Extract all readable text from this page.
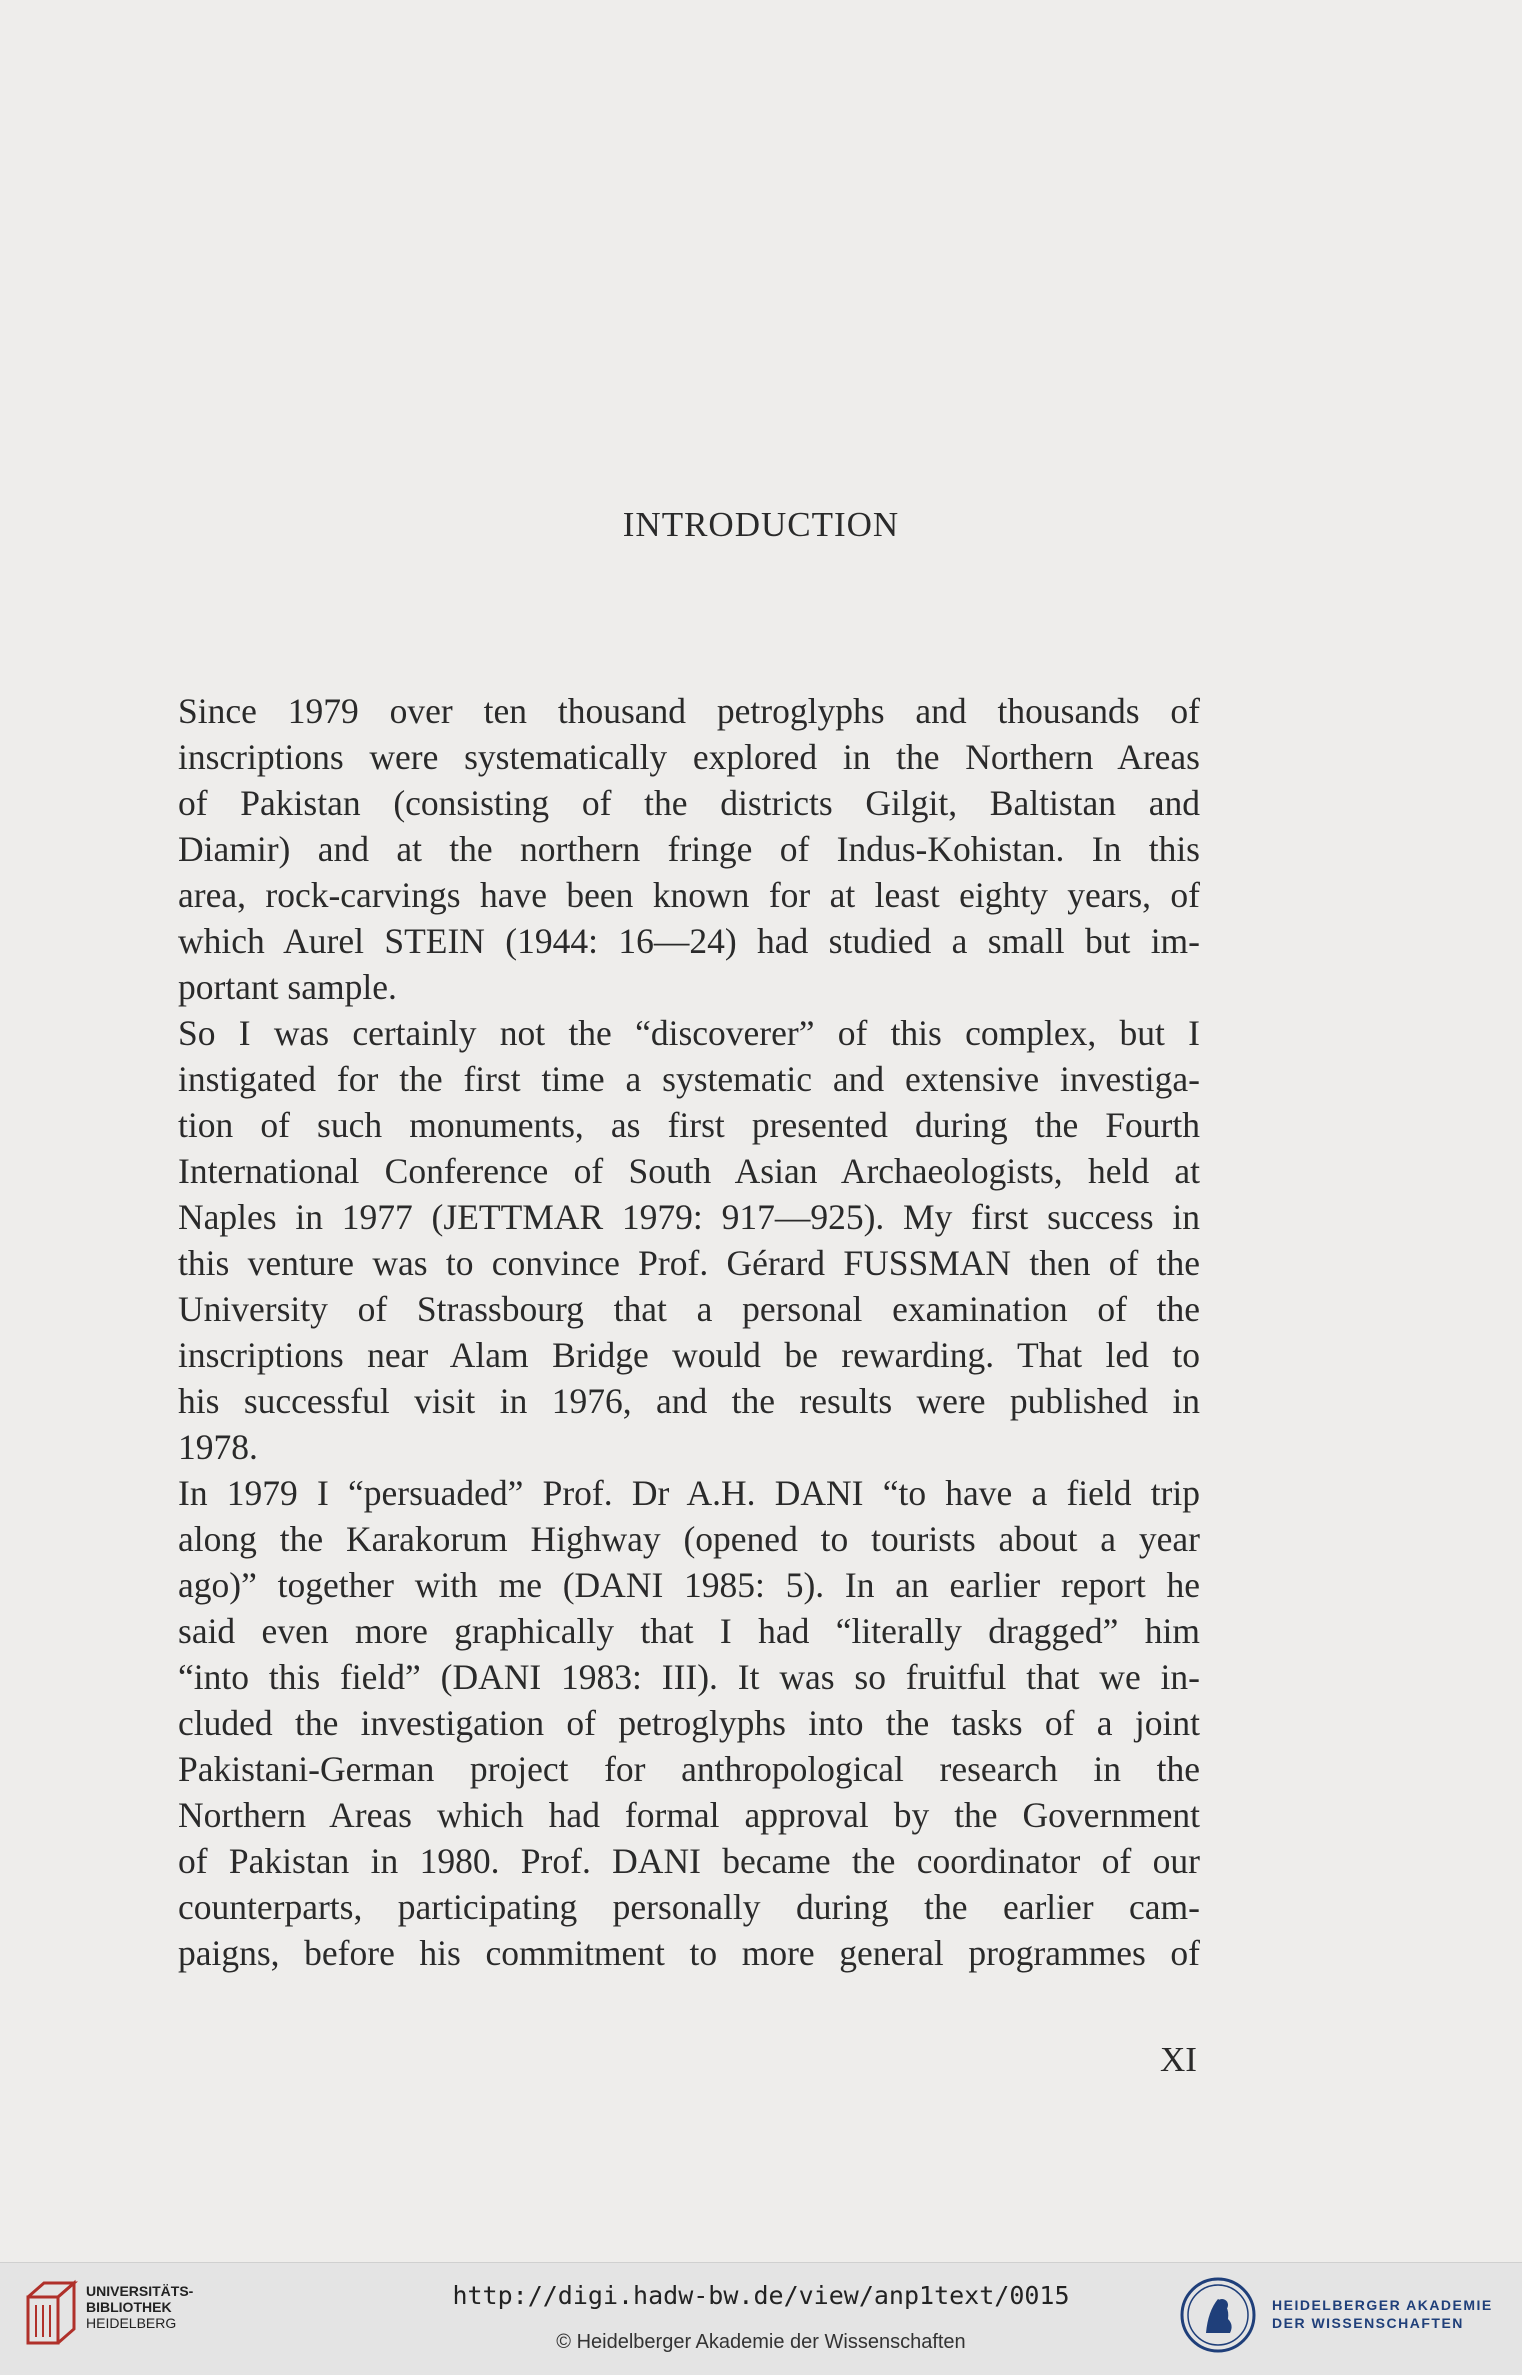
INTRODUCTION
Since 1979 over ten thousand petroglyphs and thousands of
inscriptions were systematically explored in the Northern Areas
of Pakistan (consisting of the districts Gilgit, Baltistan and
Diamir) and at the northern fringe of Indus-Kohistan. In this
area, rock-carvings have been known for at least eighty years, of
which Aurel STEIN (1944: 16—24) had studied a small but im-
portant sample.
So I was certainly not the “discoverer” of this complex, but I
instigated for the first time a systematic and extensive investiga-
tion of such monuments, as first presented during the Fourth
International Conference of South Asian Archaeologists, held at
Naples in 1977 (JETTMAR 1979: 917—925). My first success in
this venture was to convince Prof. Gérard FUSSMAN then of the
University of Strassbourg that a personal examination of the
inscriptions near Alam Bridge would be rewarding. That led to
his successful visit in 1976, and the results were published in
1978.
In 1979 I “persuaded” Prof. Dr A.H. DANI “to have a field trip
along the Karakorum Highway (opened to tourists about a year
ago)” together with me (DANI 1985: 5). In an earlier report he
said even more graphically that I had “literally dragged” him
“into this field” (DANI 1983: III). It was so fruitful that we in-
cluded the investigation of petroglyphs into the tasks of a joint
Pakistani-German project for anthropological research in the
Northern Areas which had formal approval by the Government
of Pakistan in 1980. Prof. DANI became the coordinator of our
counterparts, participating personally during the earlier cam-
paigns, before his commitment to more general programmes of
XI
UNIVERSITÄTS-
BIBLIOTHEK
HEIDELBERG
http://digi.hadw-bw.de/view/anp1text/0015
© Heidelberger Akademie der Wissenschaften
HEIDELBERGER AKADEMIE
DER WISSENSCHAFTEN
